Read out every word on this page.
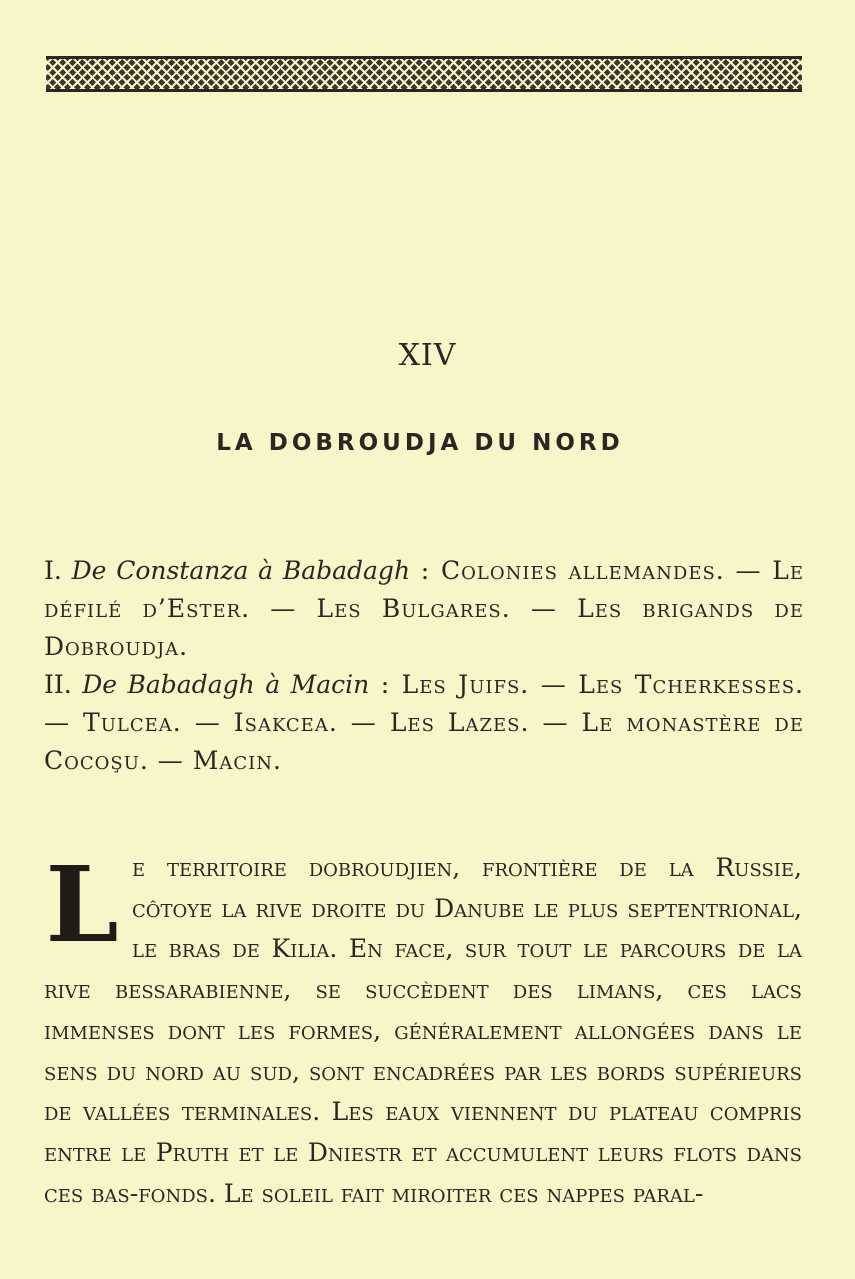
XIV
LA DOBROUDJA DU NORD

I. De Constanza à Babadagh : Colonies allemandes. — Le défilé d’Ester. — Les Bulgares. — Les brigands de Dobroudja.

II. De Babadagh à Macin : Les Juifs. — Les Tcherkesses. — Tulcea. — Isakcea. — Les Lazes. — Le monastère de Cocoşu. — Macin.

L e territoire dobroudjien, frontière de la Russie, côtoye la rive droite du Danube le plus septentrional, le bras de Kilia. En face, sur tout le parcours de la rive bessarabienne, se succèdent des limans, ces lacs immenses dont les formes, généralement allongées dans le sens du nord au sud, sont encadrées par les bords supérieurs de vallées terminales. Les eaux viennent du plateau compris entre le Pruth et le Dniestr et accumulent leurs flots dans ces bas-fonds. Le soleil fait miroiter ces nappes paral-
